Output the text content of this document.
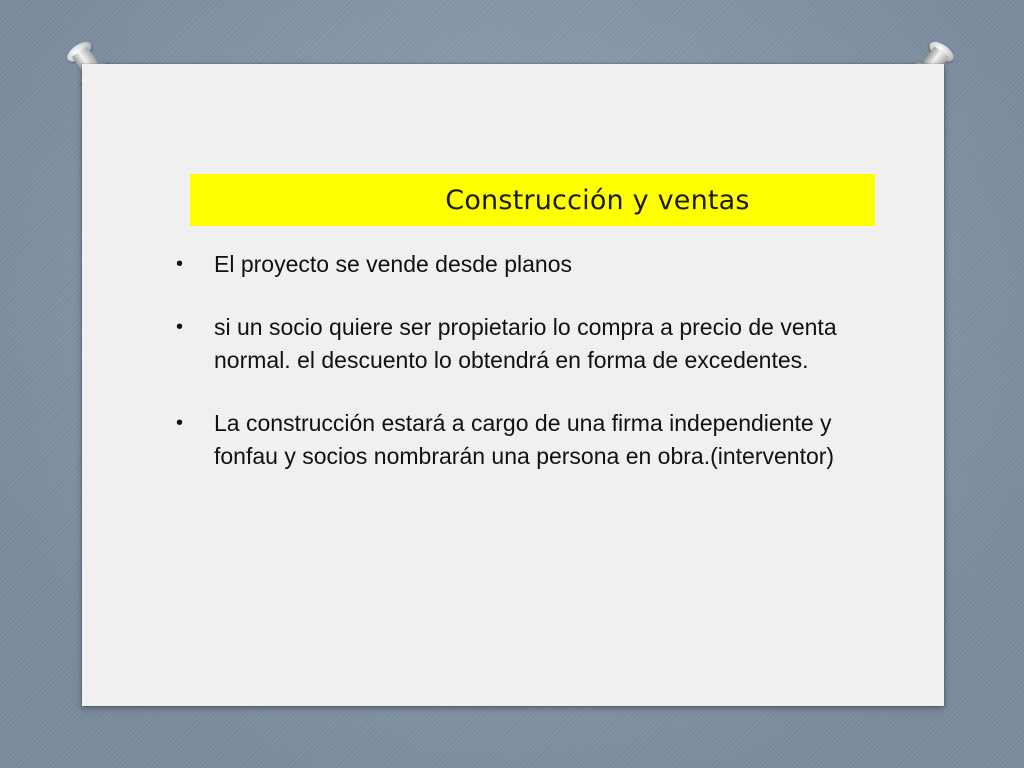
Construcción y ventas
•	El proyecto se vende desde planos
•	si un socio quiere ser propietario lo compra a precio de venta normal. el descuento lo obtendrá en forma de excedentes.
•	La construcción estará a cargo de una firma independiente y fonfau y socios nombrarán una persona en obra.(interventor)
